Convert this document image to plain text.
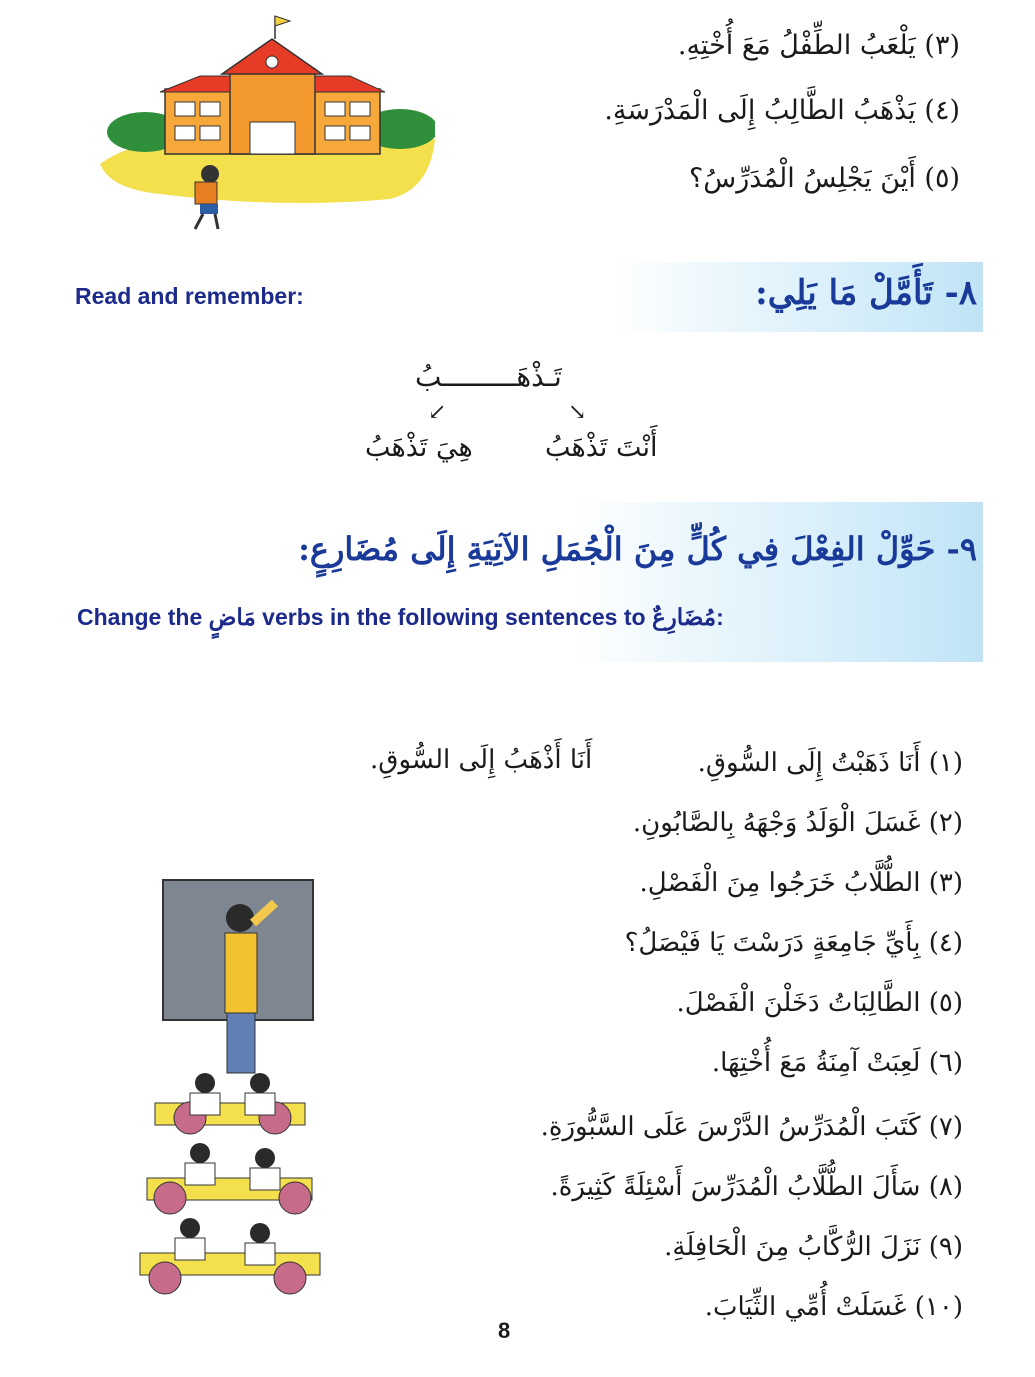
(٣) يَلْعَبُ الطِّفْلُ مَعَ أُخْتِهِ.
(٤) يَذْهَبُ الطَّالِبُ إِلَى الْمَدْرَسَةِ.
(٥) أَيْنَ يَجْلِسُ الْمُدَرِّسُ؟
٨- تَأَمَّلْ مَا يَلِي:
Read and remember:
تَـذْهَـــــــــبُ
↙	↘
أَنْتَ تَذْهَبُ
هِيَ تَذْهَبُ
٩- حَوِّلْ الفِعْلَ فِي كُلٍّ مِنَ الْجُمَلِ الآتِيَةِ إِلَى مُضَارِعٍ:
Change the مَاضٍ verbs in the following sentences to مُضَارِعٌ:
أَنَا أَذْهَبُ إِلَى السُّوقِ.	(١) أَنَا ذَهَبْتُ إِلَى السُّوقِ.
(٢) غَسَلَ الْوَلَدُ وَجْهَهُ بِالصَّابُونِ.
(٣) الطُّلَّابُ خَرَجُوا مِنَ الْفَصْلِ.
(٤) بِأَيِّ جَامِعَةٍ دَرَسْتَ يَا فَيْصَلُ؟
(٥) الطَّالِبَاتُ دَخَلْنَ الْفَصْلَ.
(٦) لَعِبَتْ آمِنَةُ مَعَ أُخْتِهَا.
(٧) كَتَبَ الْمُدَرِّسُ الدَّرْسَ عَلَى السَّبُّورَةِ.
(٨) سَأَلَ الطُّلَّابُ الْمُدَرِّسَ أَسْئِلَةً كَثِيرَةً.
(٩) نَزَلَ الرُّكَّابُ مِنَ الْحَافِلَةِ.
(١٠) غَسَلَتْ أُمِّي الثِّيَابَ.
8
